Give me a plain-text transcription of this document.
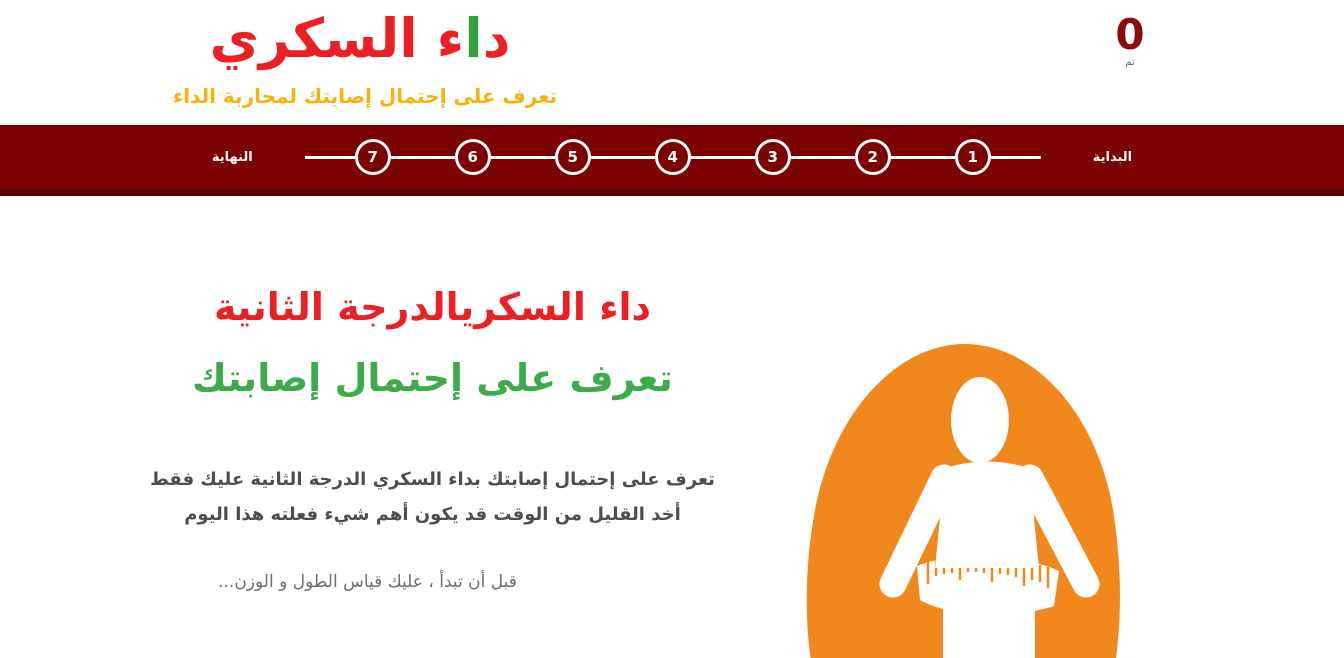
داء السكري
تعرف على إحتمال إصابتك لمحاربة الداء
0
تم
البداية
1
2
3
4
5
6
7
النهاية
داء السكريالدرجة الثانية
تعرف على إحتمال إصابتك

تعرف على إحتمال إصابتك بداء السكري الدرجة الثانية عليك فقط
أخد القليل من الوقت قد يكون أهم شيء فعلته هذا اليوم

قبل أن تبدأ ، عليك قياس الطول و الوزن...
